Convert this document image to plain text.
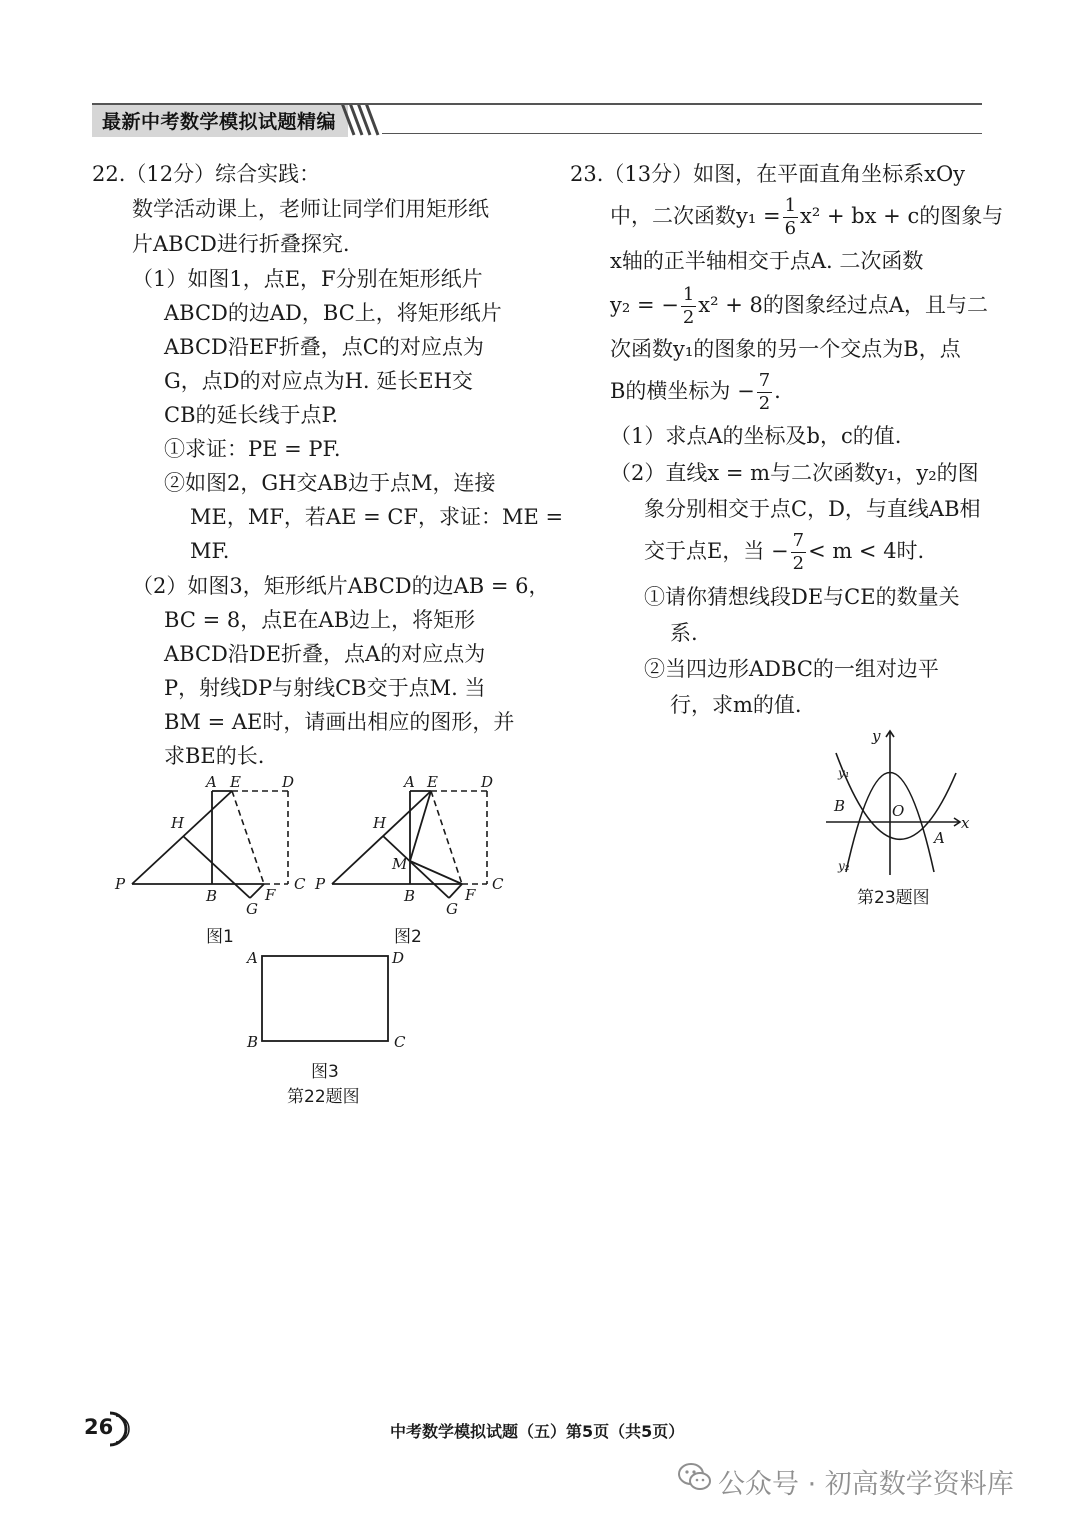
最新中考数学模拟试题精编
22.（12分）综合实践：
数学活动课上，老师让同学们用矩形纸
片ABCD进行折叠探究.
（1）如图1，点E，F分别在矩形纸片
ABCD的边AD，BC上，将矩形纸片
ABCD沿EF折叠，点C的对应点为
G，点D的对应点为H. 延长EH交
CB的延长线于点P.
①求证：PE = PF.
②如图2，GH交AB边于点M，连接
ME，MF，若AE = CF，求证：ME =
MF.
（2）如图3，矩形纸片ABCD的边AB = 6，
BC = 8，点E在AB边上，将矩形
ABCD沿DE折叠，点A的对应点为
P，射线DP与射线CB交于点M. 当
BM = AE时，请画出相应的图形，并
求BE的长.
A E	D
H
P
B
G
F
C
图1
A E	D
H
M
P
B
G
F
C
图2
A	D
B	C
图3
第22题图
23.（13分）如图，在平面直角坐标系xOy
中，二次函数$y_1 = \frac{1}{6} x^2$ + bx + c的图象与
x轴的正半轴相交于点A. 二次函数
y₂ = − $\frac{1}{2} x^2 + 8$的图象经过点A，且与二
次函数y₁的图象的另一个交点为B，点
B的横坐标为 − $\frac{7}{2}$ .
（1）求点A的坐标及b，c的值.
（2）直线x = m与二次函数y₁，y₂的图
象分别相交于点C，D，与直线AB相
交于点E，当 − $\frac{7}{2} < m < 4$时.
①请你猜想线段DE与CE的数量关
系.
②当四边形ADBC的一组对边平
行，求m的值.
y
x
O
B
A
y₁
y₂
第23题图
26	中考数学模拟试题（五）第5页（共5页）
公众号 · 初高数学资料库
